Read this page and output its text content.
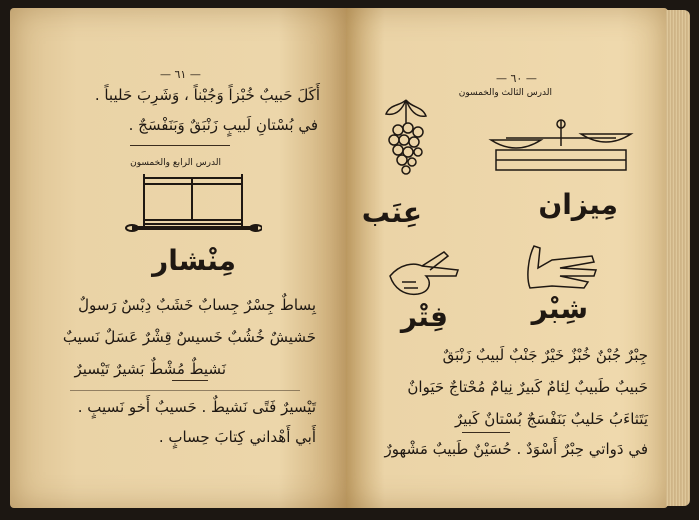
— ٦١ —
أَكَلَ حَبيبٌ خُبْزاً وَجُبْناً ، وَشَرِبَ حَليباً .
في بُسْتانِ لَبيبٍ زَنْبَقٌ وَبَنَفْسَجٌ .
الدرس الرابع والخمسون
مِنْشار
بِساطٌ جِسْرٌ جِسابٌ خَشَبٌ دِبْسٌ رَسولٌ
حَشيشٌ خُشُبٌ خَسيسٌ قِشْرٌ عَسَلٌ نَسيبٌ
نَشيطٌ مُشْطٌ بَشيرٌ تَيْسيرٌ
تَيْسيرٌ فَتًى نَشيطٌ . حَسيبٌ أَخو نَسيبٍ .
أَبي أَهْداني كِتابَ حِسابٍ .
— ٦٠ —
الدرس الثالث والخمسون
عِنَب	مِيزان
فِتْر	شِبْر
جِبْرٌ جُبْنٌ خُبْزٌ خَيْرٌ جَنْبٌ لَبيبٌ زَنْبَقٌ
حَبيبٌ طَبيبٌ لِئامٌ كَبيرٌ نِيامٌ مُحْتاجٌ حَيَوانٌ
يَتَثاءَبُ حَليبٌ بَنَفْسَجٌ بُسْتانٌ كَبيرٌ
في دَواتي حِبْرٌ أَسْوَدٌ . حُسَيْنٌ طَبيبٌ مَشْهورٌ
